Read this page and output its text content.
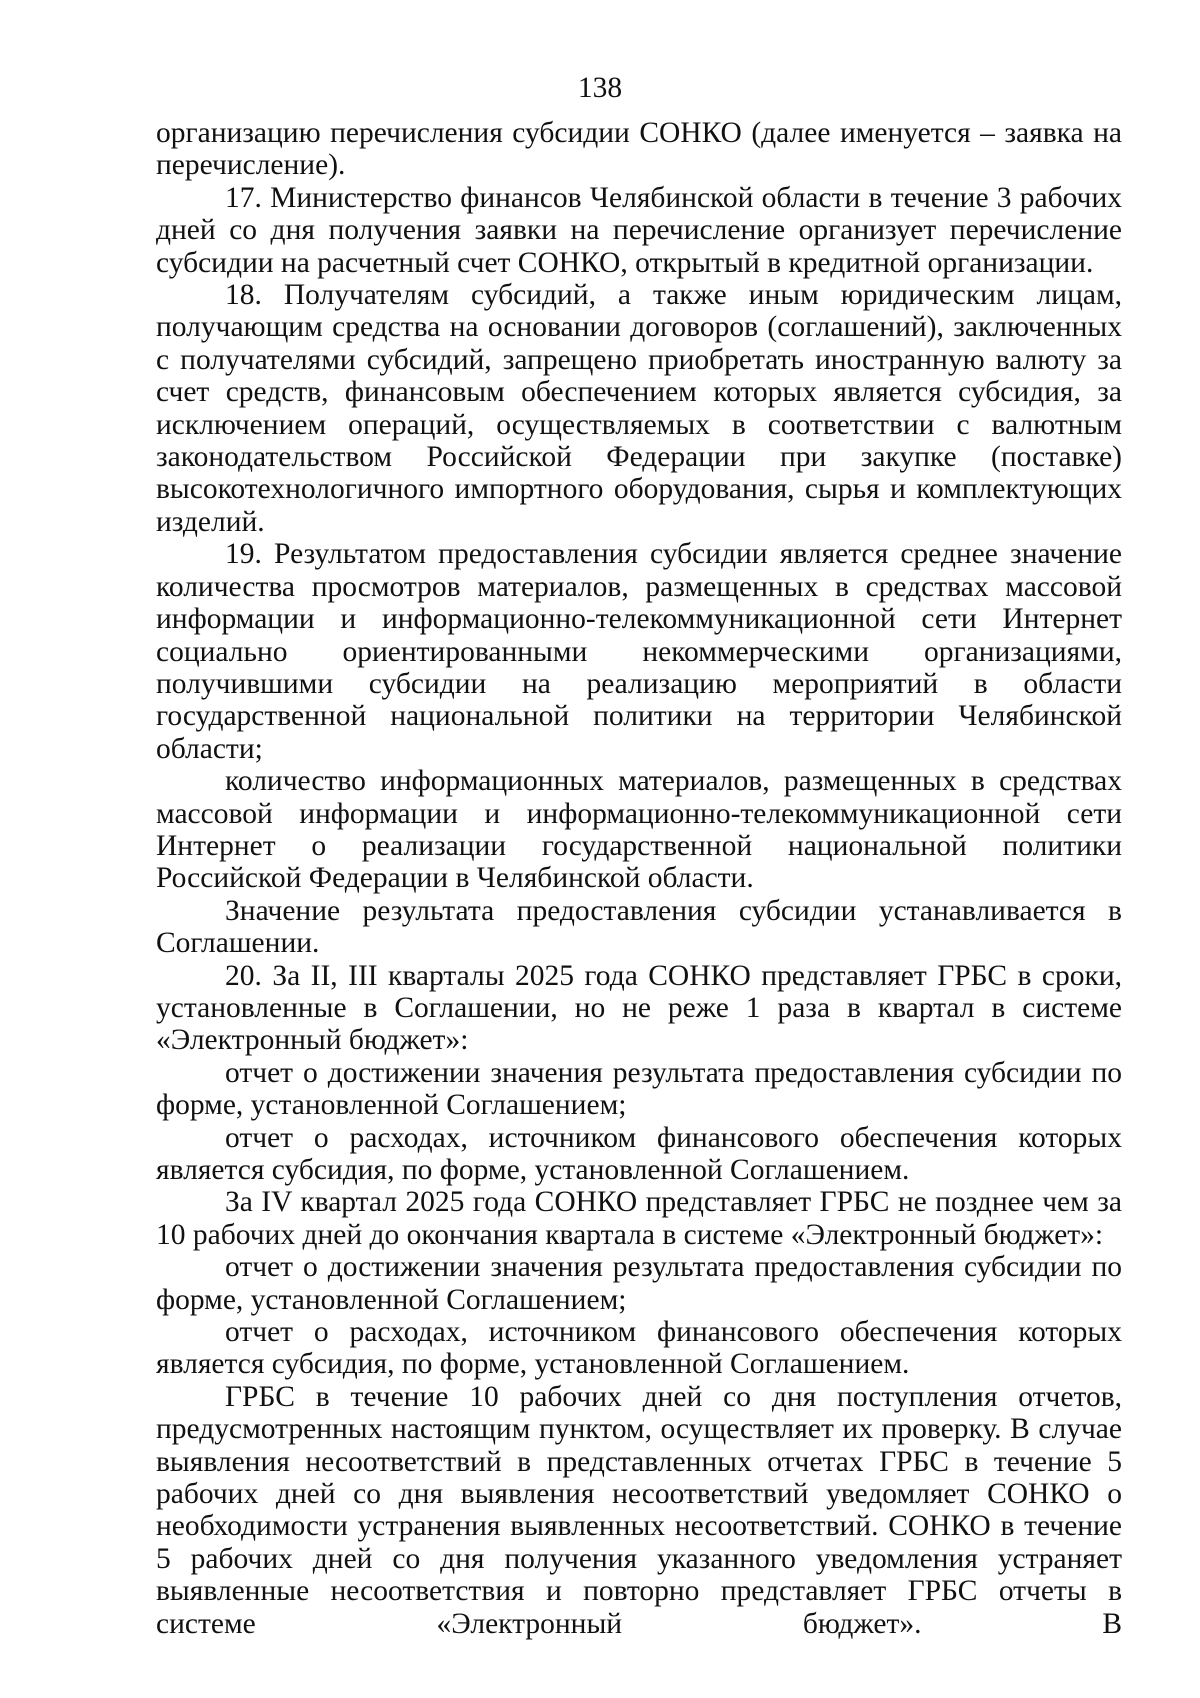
138

организацию перечисления субсидии СОНКО (далее именуется – заявка на перечисление).

17. Министерство финансов Челябинской области в течение 3 рабочих дней со дня получения заявки на перечисление организует перечисление субсидии на расчетный счет СОНКО, открытый в кредитной организации.

18. Получателям субсидий, а также иным юридическим лицам, получающим средства на основании договоров (соглашений), заключенных с получателями субсидий, запрещено приобретать иностранную валюту за счет средств, финансовым обеспечением которых является субсидия, за исключением операций, осуществляемых в соответствии с валютным законодательством Российской Федерации при закупке (поставке) высокотехнологичного импортного оборудования, сырья и комплектующих изделий.

19. Результатом предоставления субсидии является среднее значение количества просмотров материалов, размещенных в средствах массовой информации и информационно-телекоммуникационной сети Интернет социально ориентированными некоммерческими организациями, получившими субсидии на реализацию мероприятий в области государственной национальной политики на территории Челябинской области;

количество информационных материалов, размещенных в средствах массовой информации и информационно-телекоммуникационной сети Интернет о реализации государственной национальной политики Российской Федерации в Челябинской области.

Значение результата предоставления субсидии устанавливается в Соглашении.

20. За II, III кварталы 2025 года СОНКО представляет ГРБС в сроки, установленные в Соглашении, но не реже 1 раза в квартал в системе «Электронный бюджет»:

отчет о достижении значения результата предоставления субсидии по форме, установленной Соглашением;

отчет о расходах, источником финансового обеспечения которых является субсидия, по форме, установленной Соглашением.

За IV квартал 2025 года СОНКО представляет ГРБС не позднее чем за 10 рабочих дней до окончания квартала в системе «Электронный бюджет»:

отчет о достижении значения результата предоставления субсидии по форме, установленной Соглашением;

отчет о расходах, источником финансового обеспечения которых является субсидия, по форме, установленной Соглашением.

ГРБС в течение 10 рабочих дней со дня поступления отчетов, предусмотренных настоящим пунктом, осуществляет их проверку. В случае выявления несоответствий в представленных отчетах ГРБС в течение 5 рабочих дней со дня выявления несоответствий уведомляет СОНКО о необходимости устранения выявленных несоответствий. СОНКО в течение 5 рабочих дней со дня получения указанного уведомления устраняет выявленные несоответствия и повторно представляет ГРБС отчеты в системе «Электронный бюджет». В
